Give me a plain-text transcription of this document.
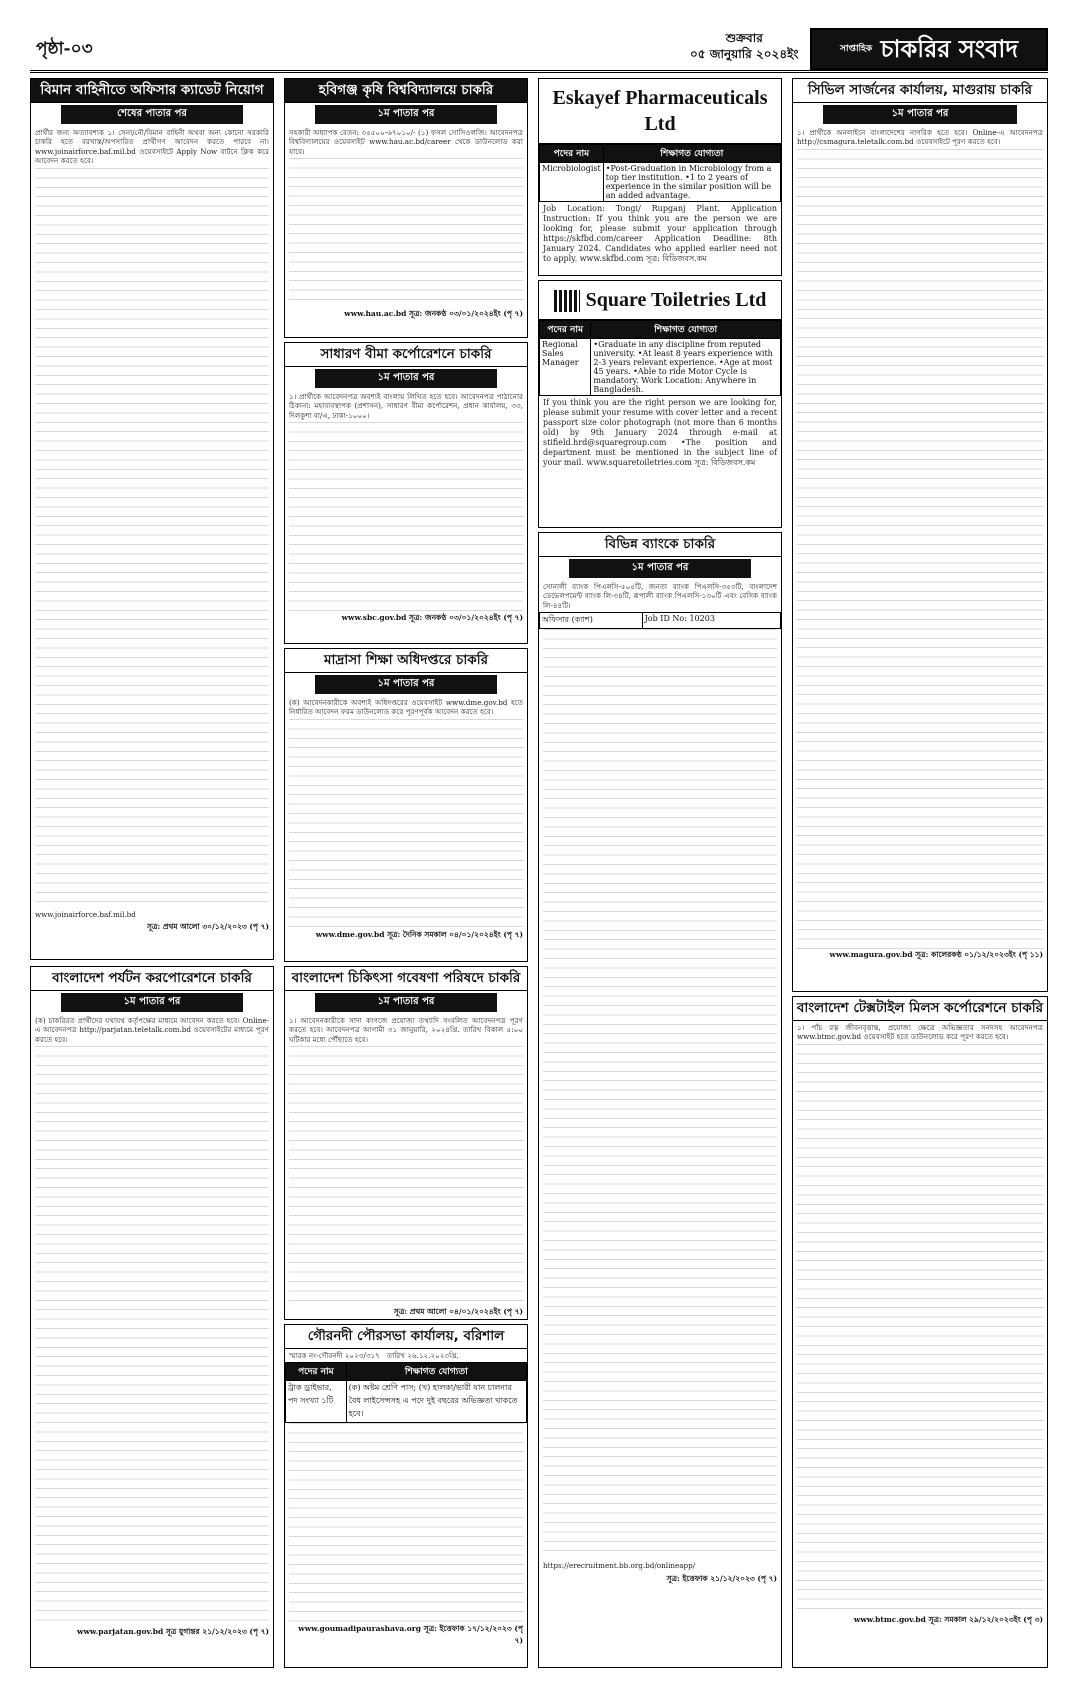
পৃষ্ঠা-০৩
শুক্রবার
০৫ জানুয়ারি ২০২৪ইং	$^{সাপ্তাহিক}$ চাকরির সংবাদ
বিমান বাহিনীতে অফিসার ক্যাডেট নিয়োগ
শেষের পাতার পর
প্রার্থীর জন্য অত্যাবশ্যক ১। সেনা/নৌ/বিমান বাহিনী অথবা অন্য কোনো সরকারি চাকরি হতে বরখাস্ত/অপসারিত প্রার্থীগণ আবেদন করতে পারবে না। www.joinairforce.baf.mil.bd ওয়েবসাইটে Apply Now বাটনে ক্লিক করে আবেদন করতে হবে।
www.joinairforce.baf.mil.bd
সূত্র: প্রথম আলো ৩০/১২/২০২৩ (পৃ ৭)
বাংলাদেশ পর্যটন করপোরেশনে চাকরি
১ম পাতার পর
(ক) চাকরিরত প্রার্থীদের যথাযথ কর্তৃপক্ষের মাধ্যমে আবেদন করতে হবে। Online-এ আবেদনপত্র http://parjatan.teletalk.com.bd ওয়েবসাইটের মাধ্যমে পূরণ করতে হবে।
www.parjatan.gov.bd সূত্র যুগান্তর ২১/১২/২০২৩ (পৃ ৭)
হবিগঞ্জ কৃষি বিশ্ববিদ্যালয়ে চাকরি
১ম পাতার পর
সহকারী অধ্যাপক বেতন: ৩৫৫০০-৬৭০১০/- (১) ফসল সোসিওলজি। আবেদনপত্র বিশ্ববিদ্যালয়ের ওয়েবসাইট www.hau.ac.bd/career থেকে ডাউনলোড করা যাবে।
www.hau.ac.bd সূত্র: জনকণ্ঠ ০৩/০১/২০২৪ইং (পৃ ৭)
সাধারণ বীমা কর্পোরেশনে চাকরি
১ম পাতার পর
১। প্রার্থীকে আবেদনপত্র অবশ্যই বাংলায় লিখিত হতে হবে। আবেদনপত্র পাঠানোর ঠিকানা: মহাব্যবস্থাপক (প্রশাসন), সাধারণ বীমা কর্পোরেশন, প্রধান কার্যালয়, ৩৩, দিলকুশা বা/এ, ঢাকা-১০০০।
www.sbc.gov.bd সূত্র: জনকণ্ঠ ০৩/০১/২০২৪ইং (পৃ ৭)
মাদ্রাসা শিক্ষা অধিদপ্তরে চাকরি
১ম পাতার পর
(ক) আবেদনকারীকে অবশ্যই অধিদপ্তরের ওয়েবসাইট www.dme.gov.bd হতে নির্ধারিত আবেদন ফরম ডাউনলোড করে পূরণপূর্বক আবেদন করতে হবে।
www.dme.gov.bd সূত্র: দৈনিক সমকাল ০৪/০১/২০২৪ইং (পৃ ৭)
বাংলাদেশ চিকিৎসা গবেষণা পরিষদে চাকরি
১ম পাতার পর
১। আবেদনকারীকে সাদা কাগজে প্রযোজ্য তথ্যাদি সংবলিত আবেদনপত্র পূরণ করতে হবে। আবেদনপত্র আগামী ৩১ জানুয়ারি, ২০২৪খ্রি. তারিখ বিকাল ৫:০০ ঘটিকার মধ্যে পৌঁছাতে হবে।
সূত্র: প্রথম আলো ০৪/০১/২০২৪ইং (পৃ ৭)
গৌরনদী পৌরসভা কার্যালয়, বরিশাল
স্মারক নং-গৌরনদী ২০২৩/৩১৭ তারিখ ২৬.১২.২০২৩খ্রি.
পদের নাম	শিক্ষাগত যোগ্যতা
ট্রাক ড্রাইভার, পদ সংখ্যা ১টি	(ক) অষ্টম শ্রেণি পাস; (খ) হালকা/ভারী যান চালনার বৈধ লাইসেন্সসহ এ পদে দুই বছরের অভিজ্ঞতা থাকতে হবে।
www.goumadipaurashava.org সূত্র: ইত্তেফাক ১৭/১২/২০২৩ (পৃ ৭)
Eskayef Pharmaceuticals Ltd
পদের নাম	শিক্ষাগত যোগ্যতা
Microbiologist	•Post-Graduation in Microbiology from a top tier institution. •1 to 2 years of experience in the similar position will be an added advantage.
Job Location: Tongi/ Rupganj Plant. Application Instruction: If you think you are the person we are looking for, please submit your application through https://skfbd.com/career Application Deadline: 8th January 2024. Candidates who applied earlier need not to apply. www.skfbd.com সূত্র: বিডিজবস.কম
Square Toiletries Ltd
পদের নাম	শিক্ষাগত যোগ্যতা
Regional Sales Manager	•Graduate in any discipline from reputed university. •At least 8 years experience with 2-3 years relevant experience. •Age at most 45 years. •Able to ride Motor Cycle is mandatory. Work Location: Anywhere in Bangladesh.
If you think you are the right person we are looking for, please submit your resume with cover letter and a recent passport size color photograph (not more than 6 months old) by 9th January 2024 through e-mail at stifield.hrd@squaregroup.com •The position and department must be mentioned in the subject line of your mail. www.squaretoiletries.com সূত্র: বিডিজবস.কম
বিভিন্ন ব্যাংকে চাকরি
১ম পাতার পর
সোনালী ব্যাংক পিএলসি-৫০৫টি, জনতা ব্যাংক পিএলসি-৩৫৩টি, বাংলাদেশ ডেভেলপমেন্ট ব্যাংক লি-৩৪টি, রূপালী ব্যাংক পিএলসি-১৩০টি এবং বেসিক ব্যাংক লি-৪৪টি।
অফিসার (ক্যাশ)	Job ID No: 10203
https://erecruitment.bb.org.bd/onlineapp/
সূত্র: ইত্তেফাক ২১/১২/২০২৩ (পৃ ৭)
সিভিল সার্জনের কার্যালয়, মাগুরায় চাকরি
১ম পাতার পর
১। প্রার্থীকে অনলাইনে বাংলাদেশের নাগরিক হতে হবে। Online-এ আবেদনপত্র http://csmagura.teletalk.com.bd ওয়েবসাইটে পূরণ করতে হবে।
www.magura.gov.bd সূত্র: কালেরকণ্ঠ ০১/১২/২০২৩ইং (পৃ ১১)
বাংলাদেশ টেক্সটাইল মিলস কর্পোরেশনে চাকরি
১। পাঁচ রত্ন জীবনবৃত্তান্ত, প্রযোজ্য ক্ষেত্রে অভিজ্ঞতার সনদসহ আবেদনপত্র www.btmc.gov.bd ওয়েবসাইট হতে ডাউনলোড করে পূরণ করতে হবে।
www.btmc.gov.bd সূত্র: সমকাল ২৯/১২/২০২৩ইং (পৃ ৩)
